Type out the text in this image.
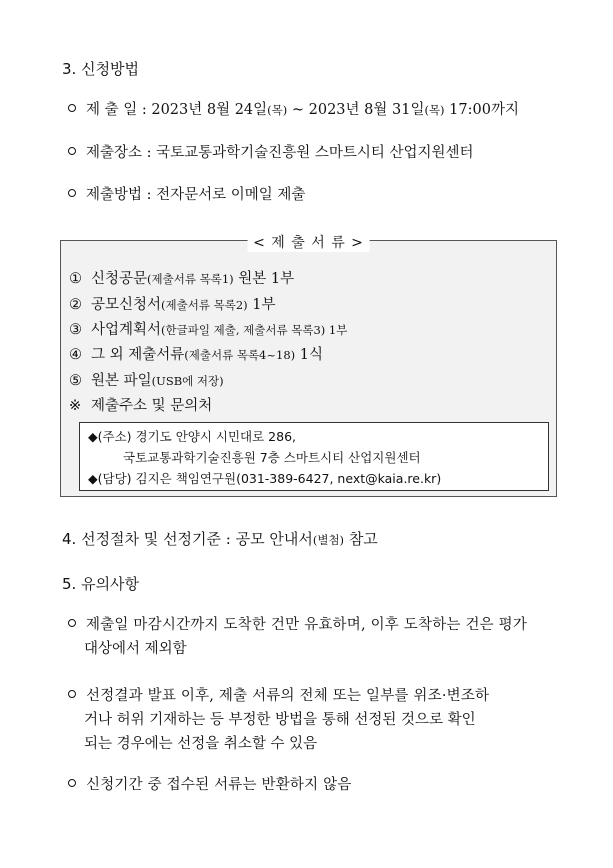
3. 신청방법
제 출 일 : 2023년 8월 24일(목) ~ 2023년 8월 31일(목) 17:00까지
제출장소 : 국토교통과학기술진흥원 스마트시티 산업지원센터
제출방법 : 전자문서로 이메일 제출
< 제 출 서 류 >
① 신청공문(제출서류 목록1) 원본 1부
② 공모신청서(제출서류 목록2) 1부
③ 사업계획서(한글파일 제출, 제출서류 목록3) 1부
④ 그 외 제출서류(제출서류 목록4~18) 1식
⑤ 원본 파일(USB에 저장)
※ 제출주소 및 문의처
◆(주소) 경기도 안양시 시민대로 286,
국토교통과학기술진흥원 7층 스마트시티 산업지원센터
◆(담당) 김지은 책임연구원(031-389-6427, next@kaia.re.kr)
4. 선정절차 및 선정기준 : 공모 안내서(별첨) 참고
5. 유의사항
제출일 마감시간까지 도착한 건만 유효하며, 이후 도착하는 건은 평가
대상에서 제외함
선정결과 발표 이후, 제출 서류의 전체 또는 일부를 위조·변조하
거나 허위 기재하는 등 부정한 방법을 통해 선정된 것으로 확인
되는 경우에는 선정을 취소할 수 있음
신청기간 중 접수된 서류는 반환하지 않음
